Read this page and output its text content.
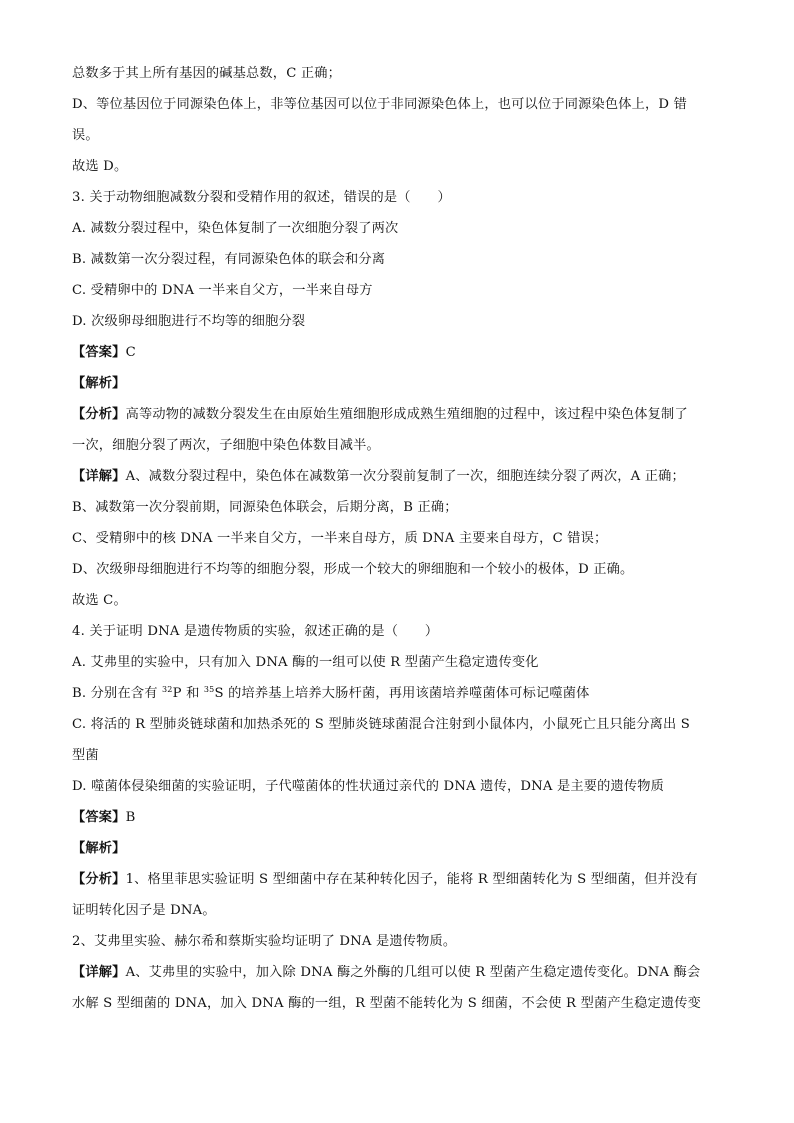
总数多于其上所有基因的碱基总数，C 正确；
D、等位基因位于同源染色体上，非等位基因可以位于非同源染色体上，也可以位于同源染色体上，D 错
误。
故选 D。
3. 关于动物细胞减数分裂和受精作用的叙述，错误的是（　　）
A. 减数分裂过程中，染色体复制了一次细胞分裂了两次
B. 减数第一次分裂过程，有同源染色体的联会和分离
C. 受精卵中的 DNA 一半来自父方，一半来自母方
D. 次级卵母细胞进行不均等的细胞分裂
【答案】C
【解析】
【分析】高等动物的减数分裂发生在由原始生殖细胞形成成熟生殖细胞的过程中，该过程中染色体复制了
一次，细胞分裂了两次，子细胞中染色体数目减半。
【详解】A、减数分裂过程中，染色体在减数第一次分裂前复制了一次，细胞连续分裂了两次，A 正确；
B、减数第一次分裂前期，同源染色体联会，后期分离，B 正确；
C、受精卵中的核 DNA 一半来自父方，一半来自母方，质 DNA 主要来自母方，C 错误；
D、次级卵母细胞进行不均等的细胞分裂，形成一个较大的卵细胞和一个较小的极体，D 正确。
故选 C。
4. 关于证明 DNA 是遗传物质的实验，叙述正确的是（　　）
A. 艾弗里的实验中，只有加入 DNA 酶的一组可以使 R 型菌产生稳定遗传变化
B. 分别在含有 $^{32}$P 和 $^{35}$S 的培养基上培养大肠杆菌，再用该菌培养噬菌体可标记噬菌体
C. 将活的 R 型肺炎链球菌和加热杀死的 S 型肺炎链球菌混合注射到小鼠体内，小鼠死亡且只能分离出 S
型菌
D. 噬菌体侵染细菌的实验证明，子代噬菌体的性状通过亲代的 DNA 遗传，DNA 是主要的遗传物质
【答案】B
【解析】
【分析】1、格里菲思实验证明 S 型细菌中存在某种转化因子，能将 R 型细菌转化为 S 型细菌，但并没有
证明转化因子是 DNA。
2、艾弗里实验、赫尔希和蔡斯实验均证明了 DNA 是遗传物质。
【详解】A、艾弗里的实验中，加入除 DNA 酶之外酶的几组可以使 R 型菌产生稳定遗传变化。DNA 酶会
水解 S 型细菌的 DNA，加入 DNA 酶的一组，R 型菌不能转化为 S 细菌，不会使 R 型菌产生稳定遗传变
